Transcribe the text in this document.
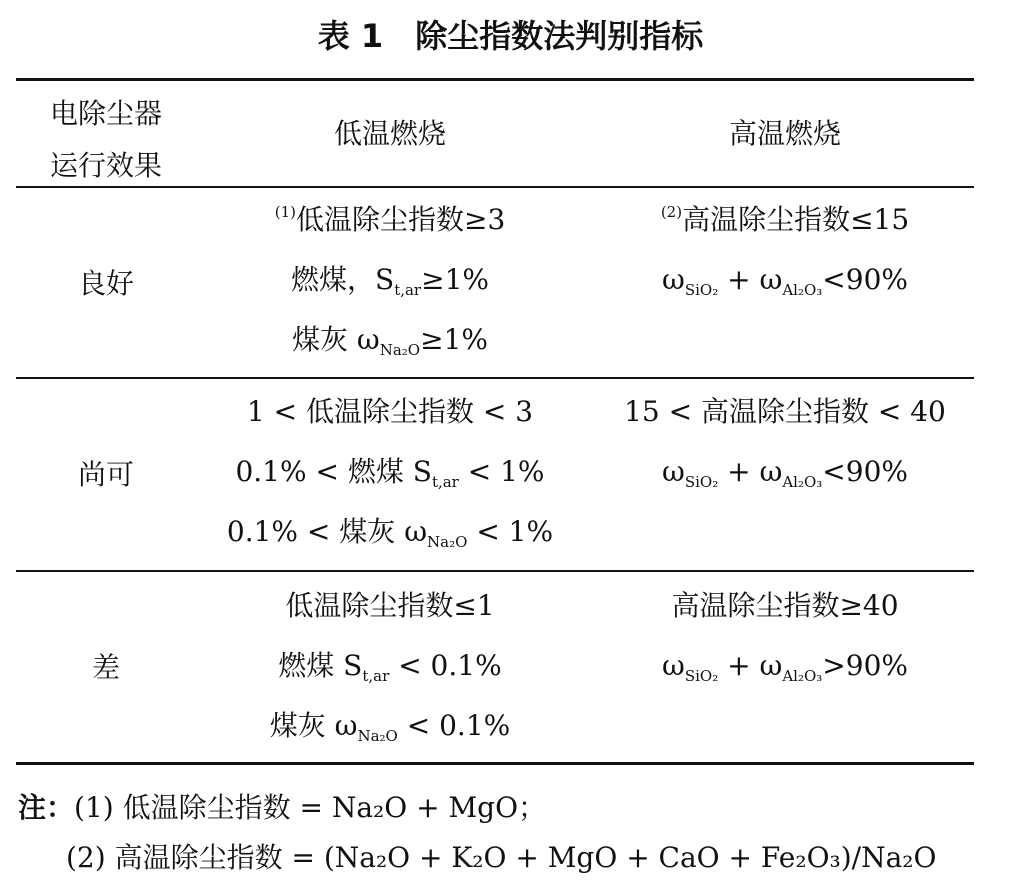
表 1　除尘指数法判别指标
电除尘器
运行效果
低温燃烧	高温燃烧
良好
$^{(1)}$低温除尘指数≥3
燃煤，$S_{t,ar}\ge 1\%$
煤灰 $\omega_{Na_2O}\ge 1\%$
$^{(2)}$高温除尘指数≤15
$\omega_{SiO_2} + \omega_{Al_2O_3}<90\%$
尚可
1 < 低温除尘指数 < 3
0.1% < 燃煤 $S_{t,ar} < 1\%$
0.1% < 煤灰 $\omega_{Na_2O} < 1\%$
15 < 高温除尘指数 < 40
$\omega_{SiO_2} + \omega_{Al_2O_3}<90\%$
差
低温除尘指数≤1
燃煤 $S_{t,ar} < 0.1\%$
煤灰 $\omega_{Na_2O} < 0.1\%$
高温除尘指数≥40
$\omega_{SiO_2} + \omega_{Al_2O_3}>90\%$
注：(1) 低温除尘指数 = Na₂O + MgO；
(2) 高温除尘指数 = (Na₂O + K₂O + MgO + CaO + Fe₂O₃)/Na₂O
